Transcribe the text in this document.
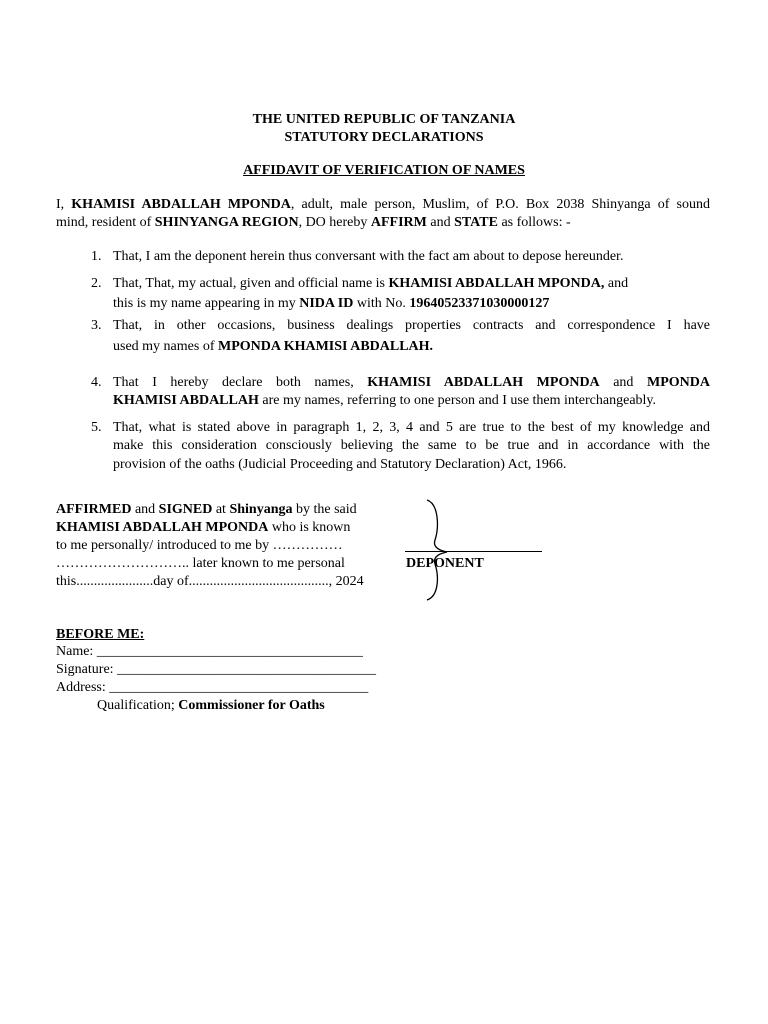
THE UNITED REPUBLIC OF TANZANIA
STATUTORY DECLARATIONS
AFFIDAVIT OF VERIFICATION OF NAMES
I, KHAMISI ABDALLAH MPONDA, adult, male person, Muslim, of P.O. Box 2038 Shinyanga of sound
mind, resident of SHINYANGA REGION, DO hereby AFFIRM and STATE as follows: -
1. That, I am the deponent herein thus conversant with the fact am about to depose hereunder.
2. That, That, my actual, given and official name is KHAMISI ABDALLAH MPONDA, and
this is my name appearing in my NIDA ID with No. 19640523371030000127
3. That, in other occasions, business dealings properties contracts and correspondence I have
used my names of MPONDA KHAMISI ABDALLAH.
4. That I hereby declare both names, KHAMISI ABDALLAH MPONDA and MPONDA
KHAMISI ABDALLAH are my names, referring to one person and I use them interchangeably.
5. That, what is stated above in paragraph 1, 2, 3, 4 and 5 are true to the best of my knowledge and
make this consideration consciously believing the same to be true and in accordance with the
provision of the oaths (Judicial Proceeding and Statutory Declaration) Act, 1966.
AFFIRMED and SIGNED at Shinyanga by the said
KHAMISI ABDALLAH MPONDA who is known
to me personally/ introduced to me by ……………
……………………….. later known to me personal
this......................day of........................................, 2024
DEPONENT
BEFORE ME:
Name: ______________________________________
Signature: _____________________________________
Address: _____________________________________
Qualification; Commissioner for Oaths
